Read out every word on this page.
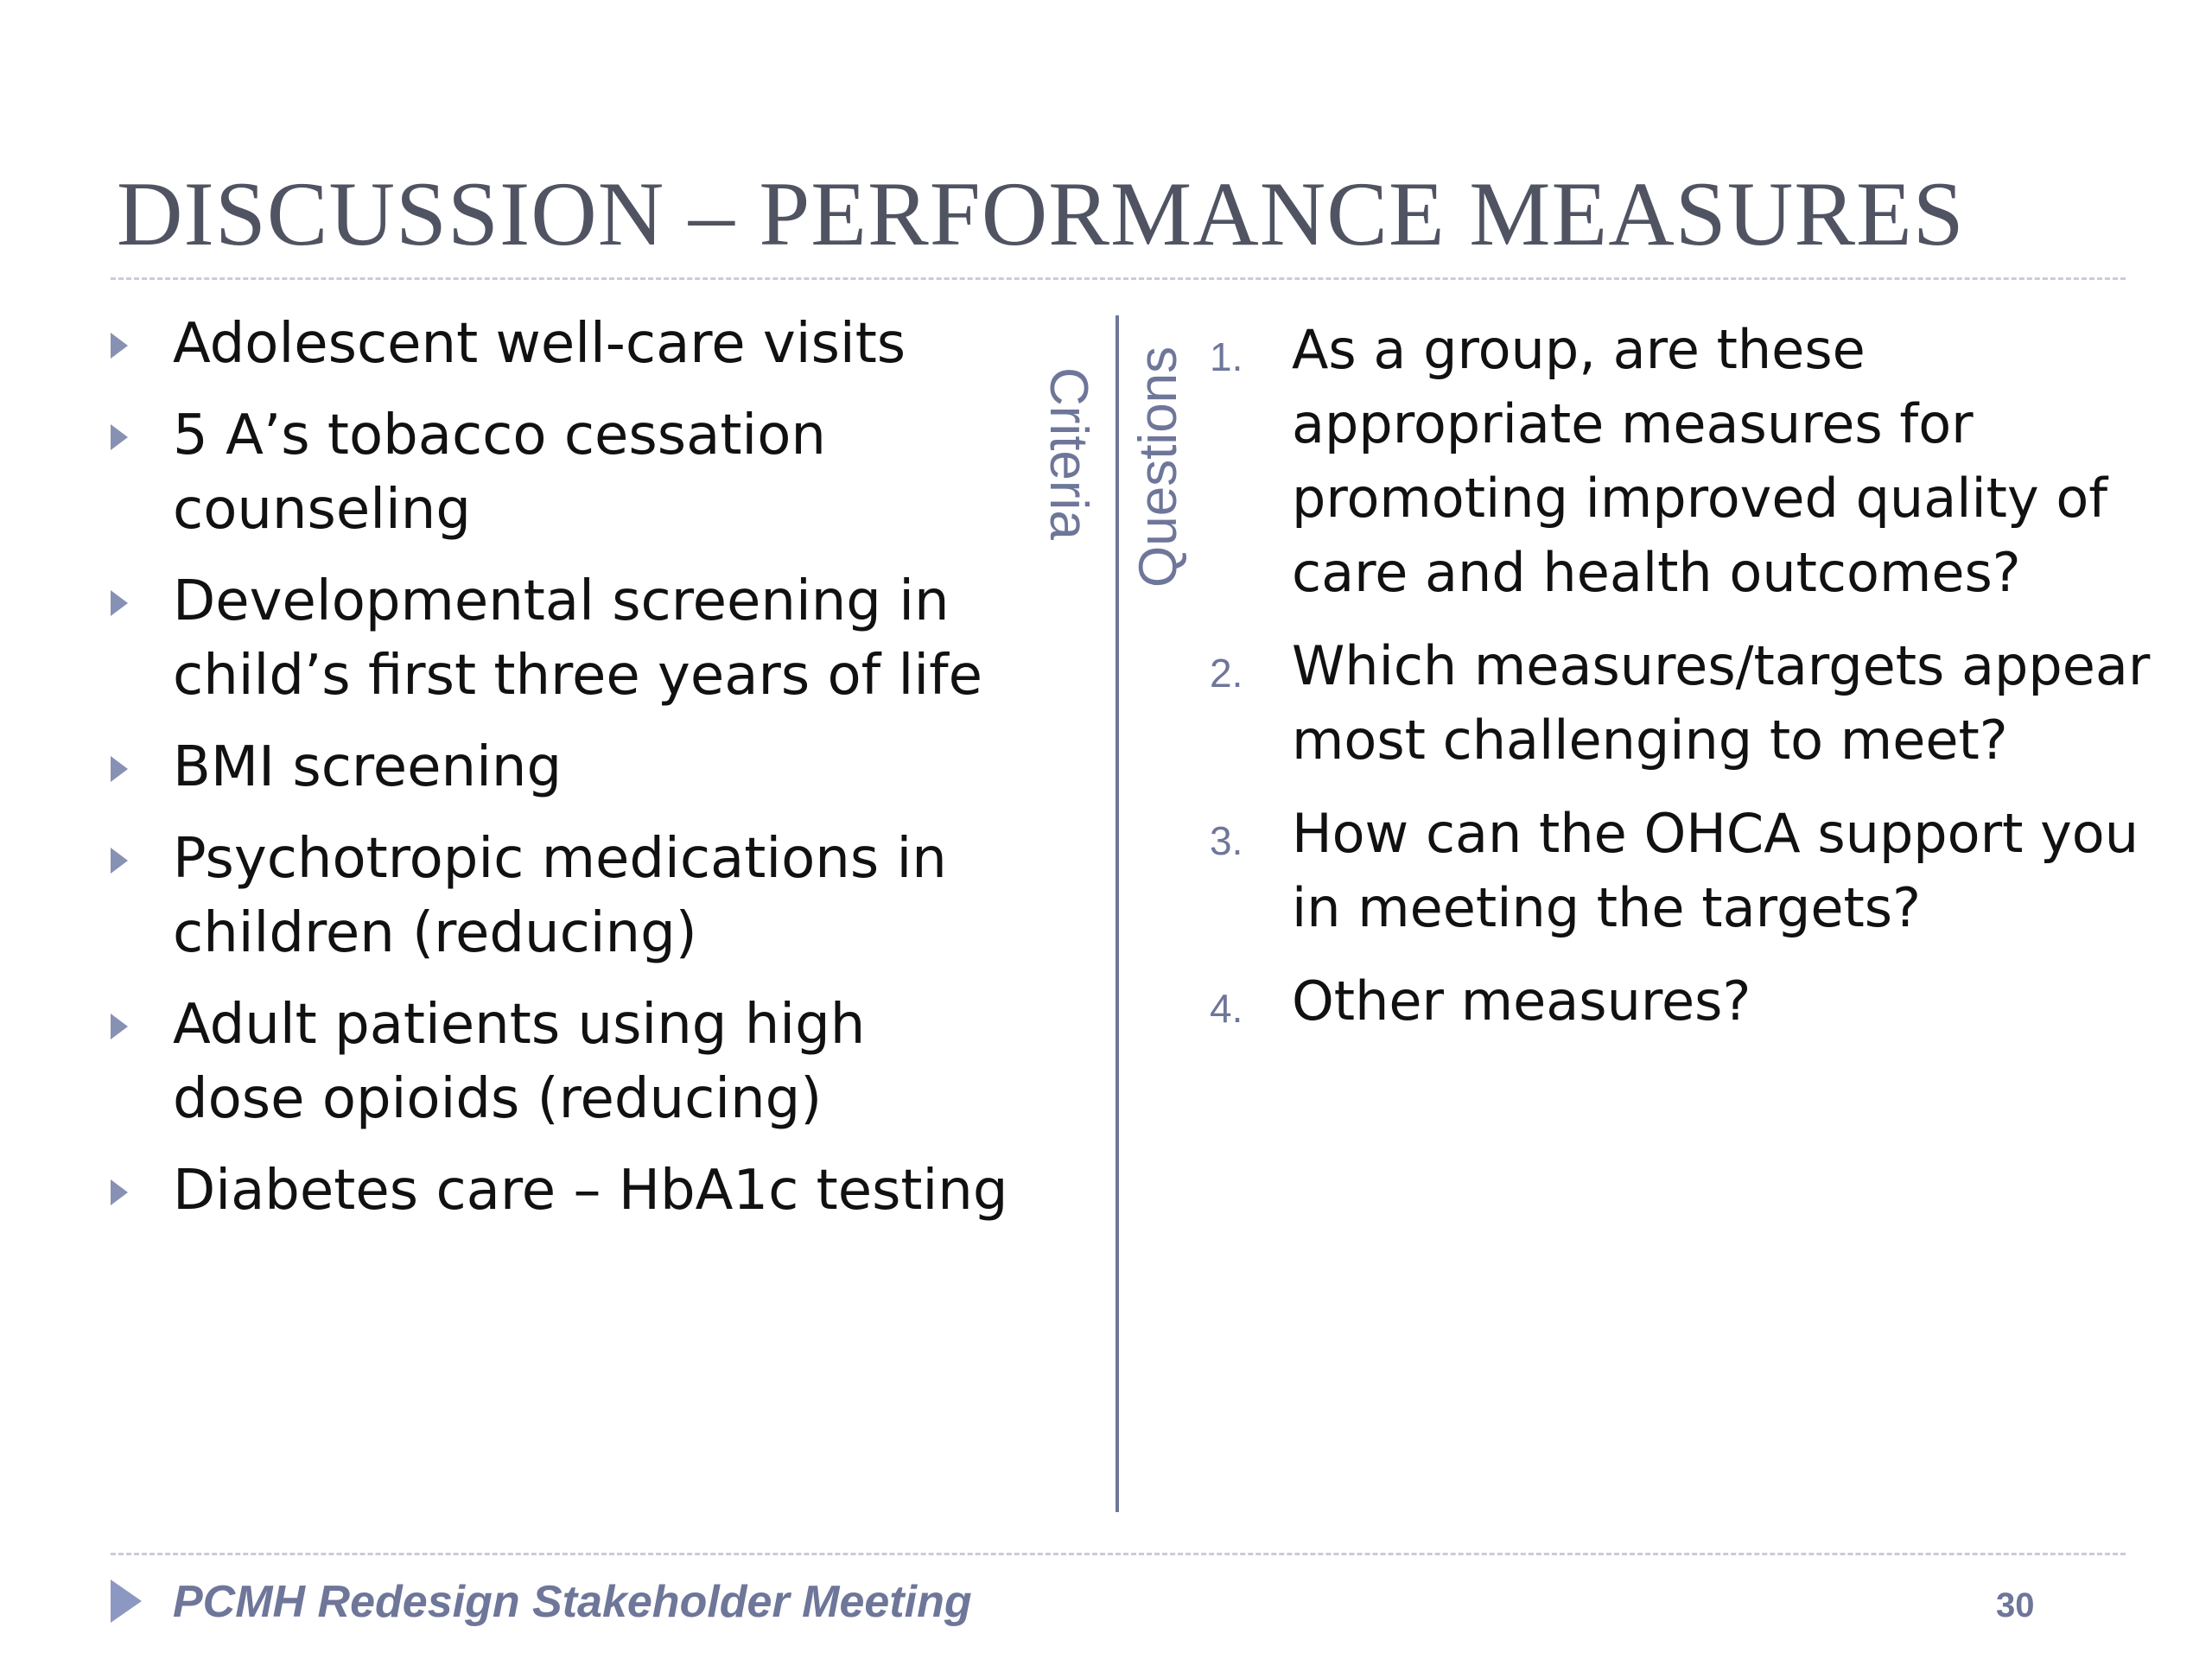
DISCUSSION – PERFORMANCE MEASURES
Adolescent well-care visits
5 A’s tobacco cessation counseling
Developmental screening in child’s first three years of life
BMI screening
Psychotropic medications in children (reducing)
Adult patients using high dose opioids (reducing)
Diabetes care – HbA1c testing
Criteria Questions 1. As a group, are these appropriate measures for promoting improved quality of care and health outcomes?
2. Which measures/targets appear most challenging to meet?
3. How can the OHCA support you in meeting the targets?
4. Other measures?
PCMH Redesign Stakeholder Meeting	30
